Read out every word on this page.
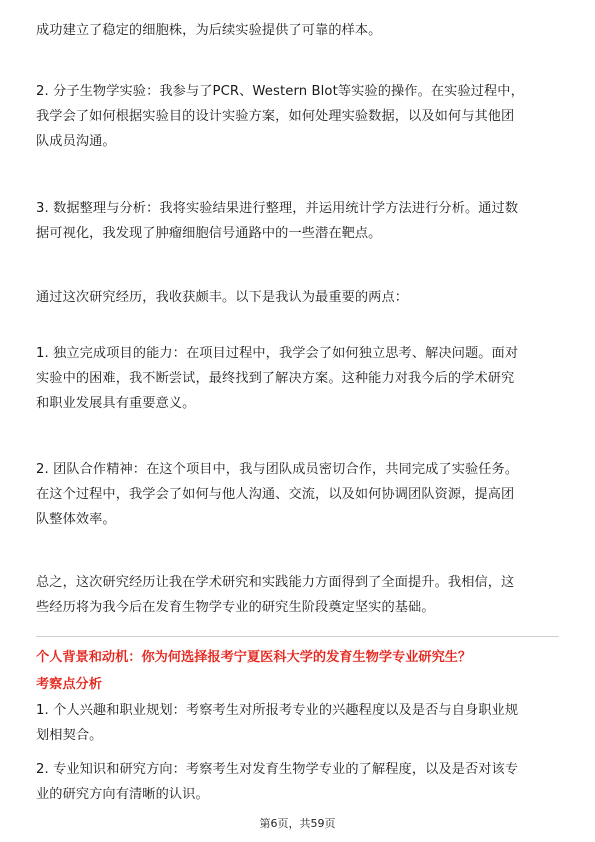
成功建立了稳定的细胞株，为后续实验提供了可靠的样本。
2. 分子生物学实验：我参与了PCR、Western Blot等实验的操作。在实验过程中，
我学会了如何根据实验目的设计实验方案，如何处理实验数据，以及如何与其他团
队成员沟通。
3. 数据整理与分析：我将实验结果进行整理，并运用统计学方法进行分析。通过数
据可视化，我发现了肿瘤细胞信号通路中的一些潜在靶点。
通过这次研究经历，我收获颇丰。以下是我认为最重要的两点：
1. 独立完成项目的能力：在项目过程中，我学会了如何独立思考、解决问题。面对
实验中的困难，我不断尝试，最终找到了解决方案。这种能力对我今后的学术研究
和职业发展具有重要意义。
2. 团队合作精神：在这个项目中，我与团队成员密切合作，共同完成了实验任务。
在这个过程中，我学会了如何与他人沟通、交流，以及如何协调团队资源，提高团
队整体效率。
总之，这次研究经历让我在学术研究和实践能力方面得到了全面提升。我相信，这
些经历将为我今后在发育生物学专业的研究生阶段奠定坚实的基础。

个人背景和动机：你为何选择报考宁夏医科大学的发育生物学专业研究生？

考察点分析

1. 个人兴趣和职业规划：考察考生对所报考专业的兴趣程度以及是否与自身职业规
划相契合。
2. 专业知识和研究方向：考察考生对发育生物学专业的了解程度，以及是否对该专
业的研究方向有清晰的认识。
第6页，共59页
